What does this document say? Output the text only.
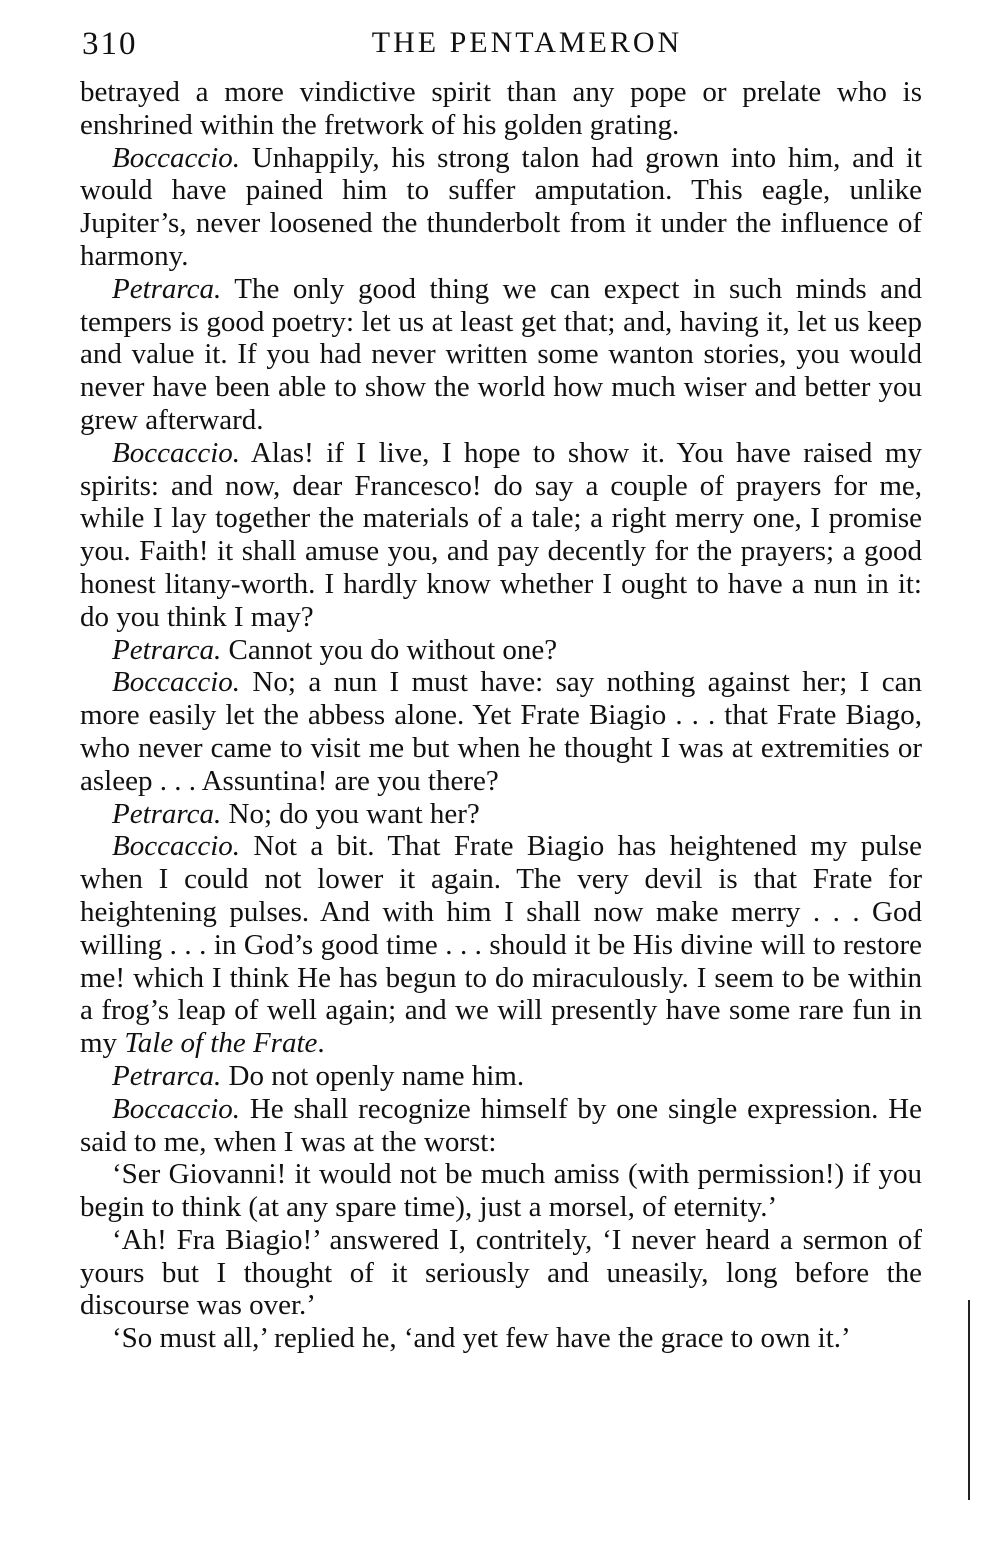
310	THE PENTAMERON

betrayed a more vindictive spirit than any pope or prelate who is enshrined within the fretwork of his golden grating.

Boccaccio. Unhappily, his strong talon had grown into him, and it would have pained him to suffer amputation. This eagle, unlike Jupiter’s, never loosened the thunderbolt from it under the influence of harmony.

Petrarca. The only good thing we can expect in such minds and tempers is good poetry: let us at least get that; and, having it, let us keep and value it. If you had never written some wanton stories, you would never have been able to show the world how much wiser and better you grew afterward.

Boccaccio. Alas! if I live, I hope to show it. You have raised my spirits: and now, dear Francesco! do say a couple of prayers for me, while I lay together the materials of a tale; a right merry one, I promise you. Faith! it shall amuse you, and pay decently for the prayers; a good honest litany-worth. I hardly know whether I ought to have a nun in it: do you think I may?

Petrarca. Cannot you do without one?

Boccaccio. No; a nun I must have: say nothing against her; I can more easily let the abbess alone. Yet Frate Biagio . . . that Frate Biago, who never came to visit me but when he thought I was at extremities or asleep . . . Assuntina! are you there?

Petrarca. No; do you want her?

Boccaccio. Not a bit. That Frate Biagio has heightened my pulse when I could not lower it again. The very devil is that Frate for heightening pulses. And with him I shall now make merry . . . God willing . . . in God’s good time . . . should it be His divine will to restore me! which I think He has begun to do miraculously. I seem to be within a frog’s leap of well again; and we will presently have some rare fun in my Tale of the Frate.

Petrarca. Do not openly name him.

Boccaccio. He shall recognize himself by one single expression. He said to me, when I was at the worst:

‘Ser Giovanni! it would not be much amiss (with permission!) if you begin to think (at any spare time), just a morsel, of eternity.’

‘Ah! Fra Biagio!’ answered I, contritely, ‘I never heard a sermon of yours but I thought of it seriously and uneasily, long before the discourse was over.’

‘So must all,’ replied he, ‘and yet few have the grace to own it.’
